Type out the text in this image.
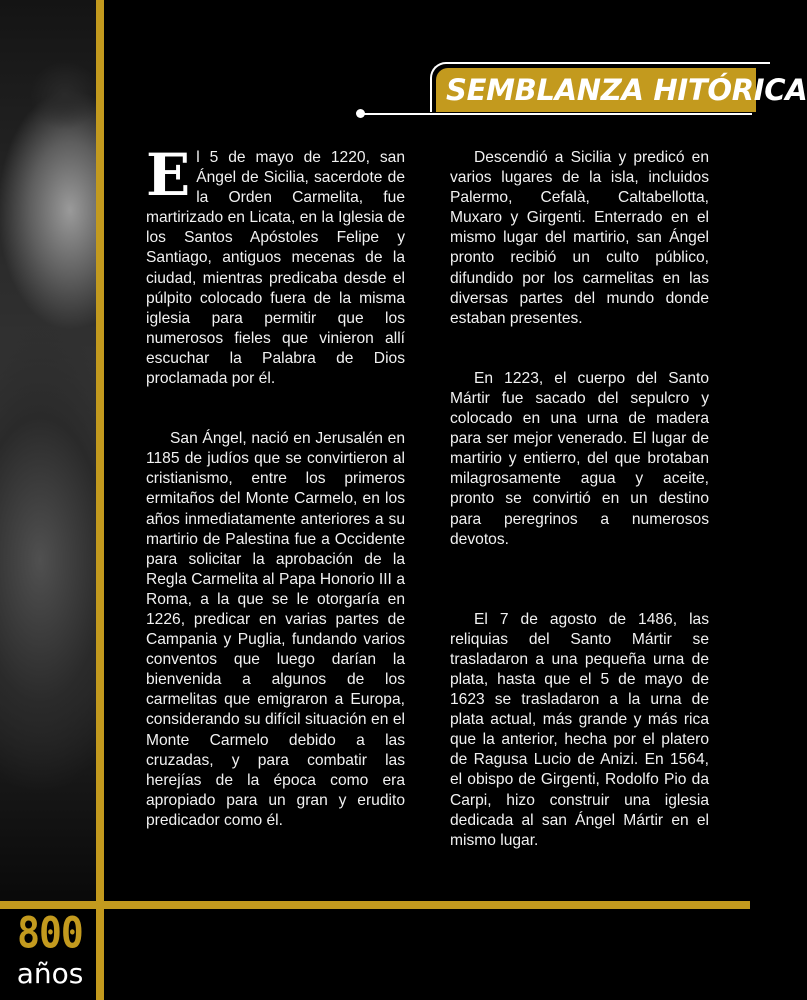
800
años
SEMBLANZA HITÓRICA

El 5 de mayo de 1220, san Ángel de Sicilia, sacerdote de la Orden Carmelita, fue martirizado en Licata, en la Iglesia de los Santos Apóstoles Felipe y Santiago, antiguos mecenas de la ciudad, mientras predicaba desde el púlpito colocado fuera de la misma iglesia para permitir que los numerosos fieles que vinieron allí escuchar la Palabra de Dios proclamada por él.

San Ángel, nació en Jerusalén en 1185 de judíos que se convirtieron al cristianismo, entre los primeros ermitaños del Monte Carmelo, en los años inmediatamente anteriores a su martirio de Palestina fue a Occidente para solicitar la aprobación de la Regla Carmelita al Papa Honorio III a Roma, a la que se le otorgaría en 1226, predicar en varias partes de Campania y Puglia, fundando varios conventos que luego darían la bienvenida a algunos de los carmelitas que emigraron a Europa, considerando su difícil situación en el Monte Carmelo debido a las cruzadas, y para combatir las herejías de la época como era apropiado para un gran y erudito predicador como él.

Descendió a Sicilia y predicó en varios lugares de la isla, incluidos Palermo, Cefalà, Caltabellotta, Muxaro y Girgenti. Enterrado en el mismo lugar del martirio, san Ángel pronto recibió un culto público, difundido por los carmelitas en las diversas partes del mundo donde estaban presentes.

En 1223, el cuerpo del Santo Mártir fue sacado del sepulcro y colocado en una urna de madera para ser mejor venerado. El lugar de martirio y entierro, del que brotaban milagrosamente agua y aceite, pronto se convirtió en un destino para peregrinos a numerosos devotos.

El 7 de agosto de 1486, las reliquias del Santo Mártir se trasladaron a una pequeña urna de plata, hasta que el 5 de mayo de 1623 se trasladaron a la urna de plata actual, más grande y más rica que la anterior, hecha por el platero de Ragusa Lucio de Anizi. En 1564, el obispo de Girgenti, Rodolfo Pio da Carpi, hizo construir una iglesia dedicada al san Ángel Mártir en el mismo lugar.
